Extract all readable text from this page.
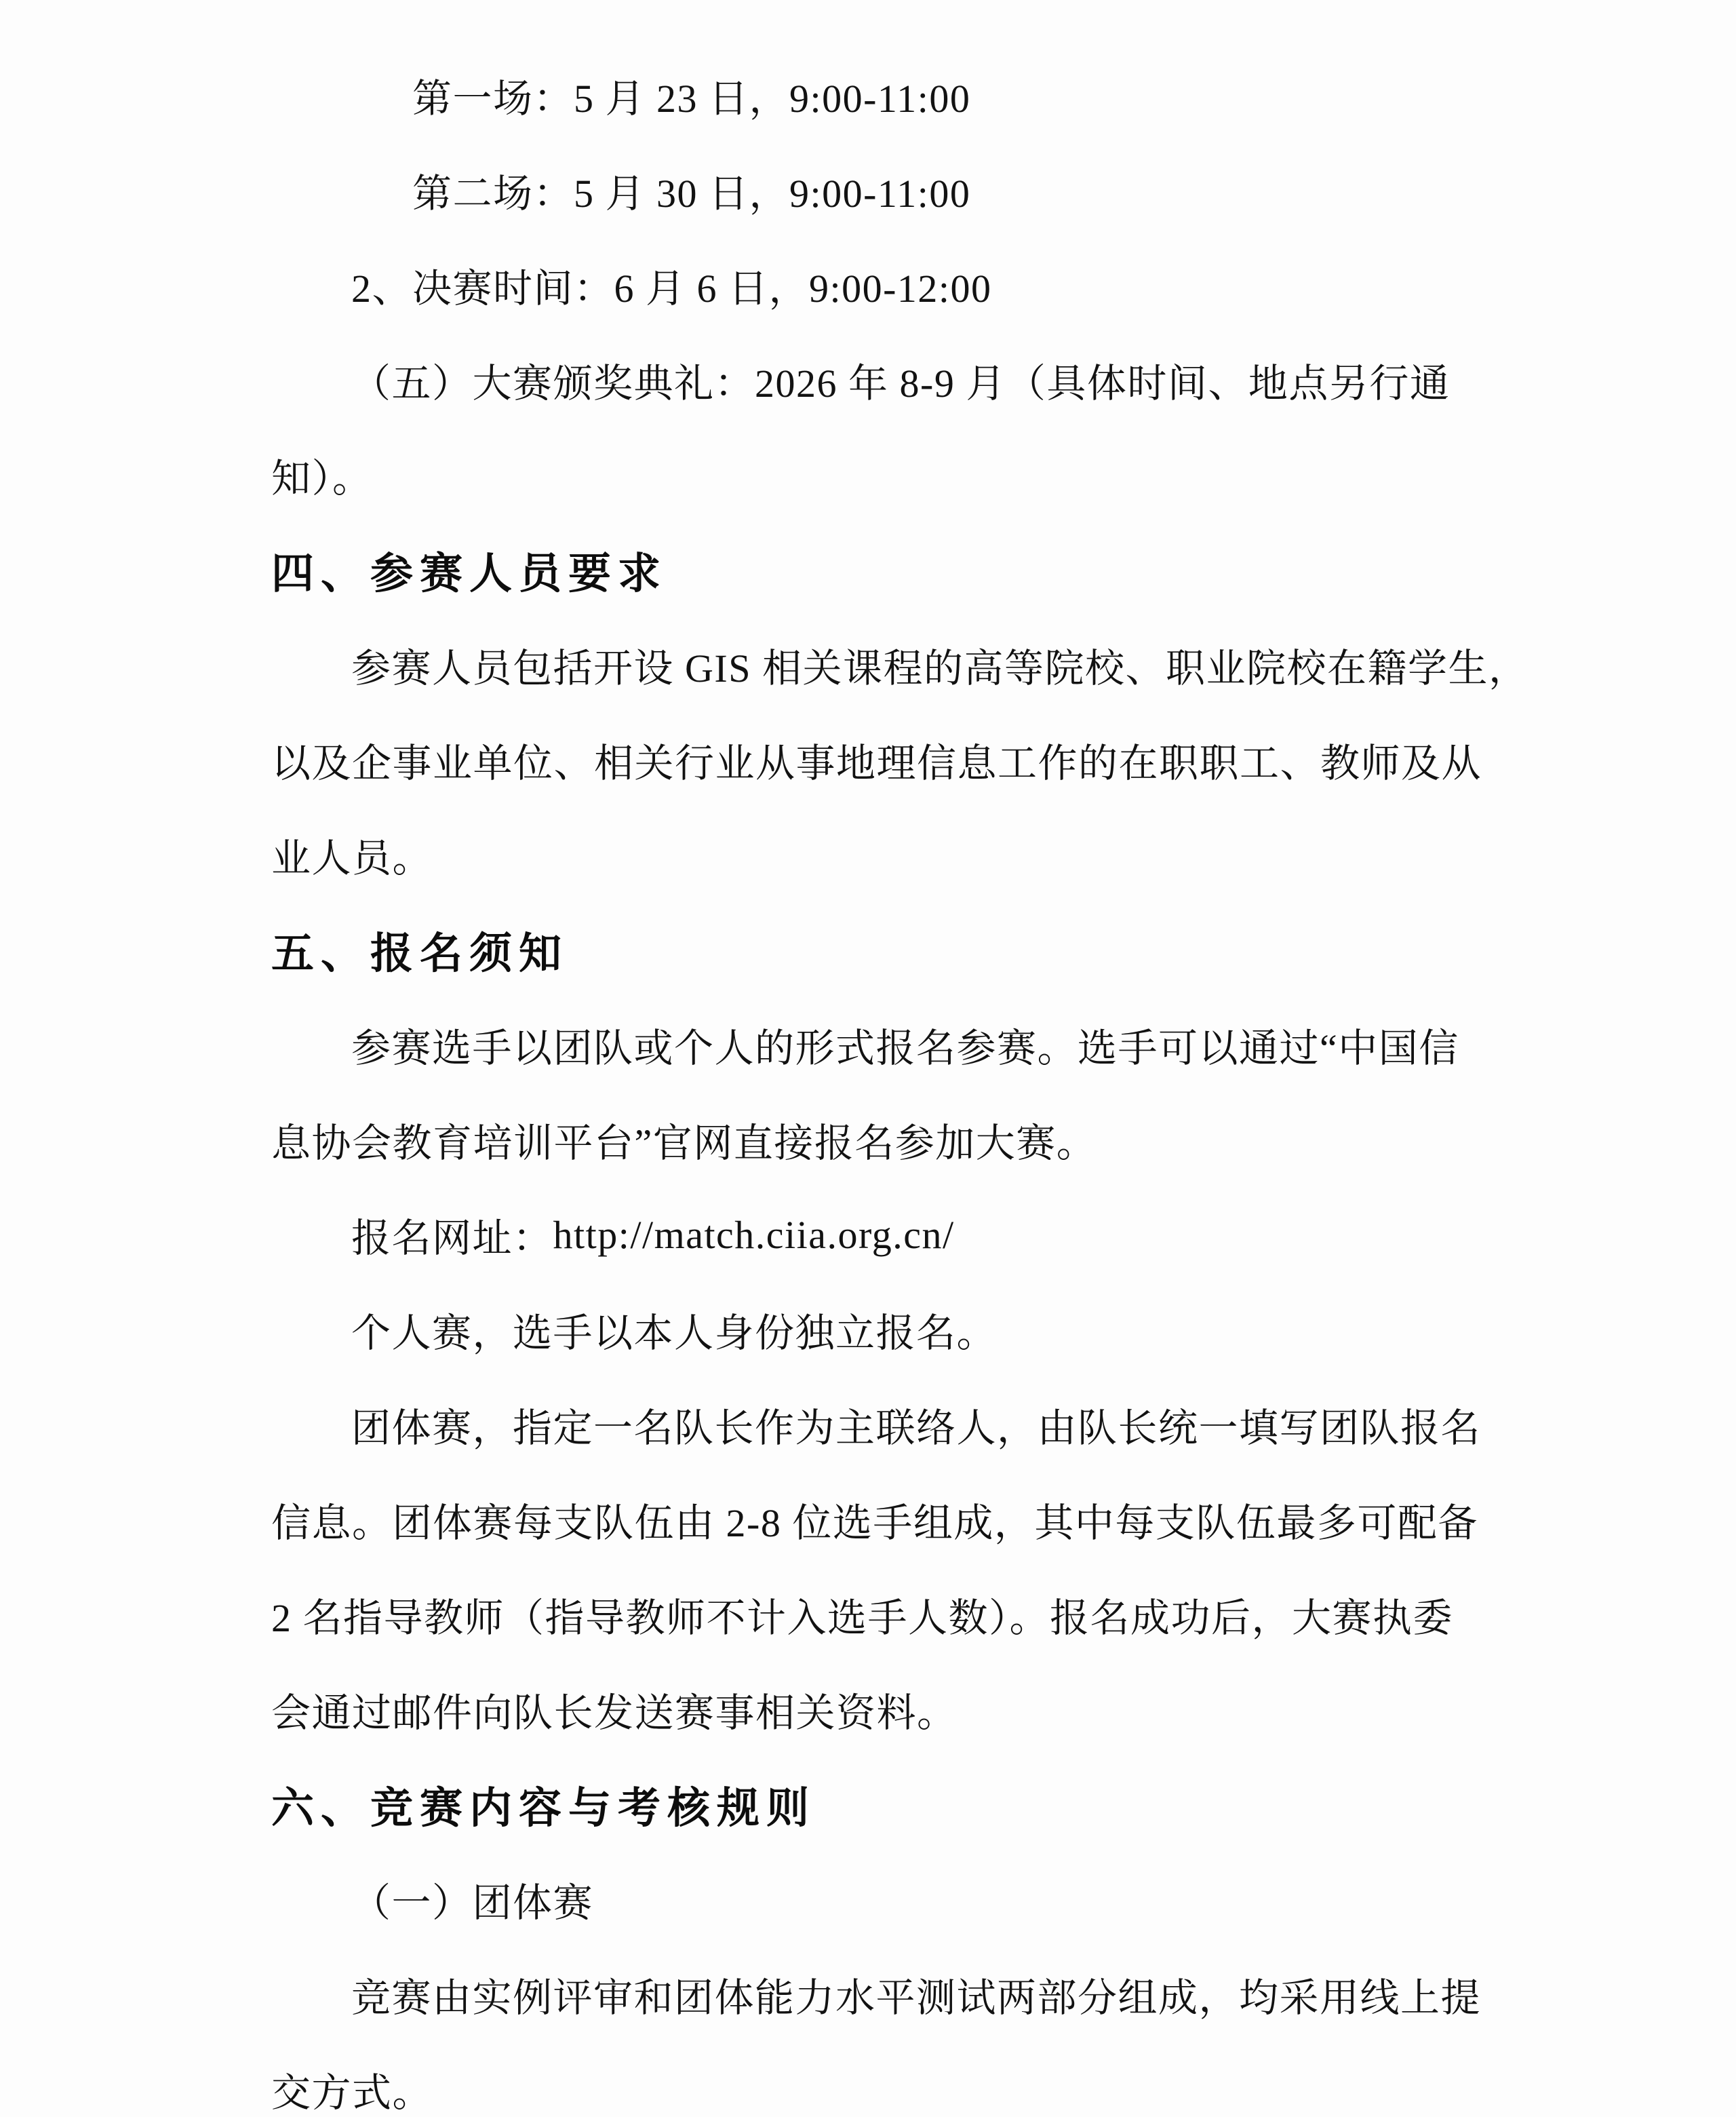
第一场：5 月 23 日，9:00-11:00
第二场：5 月 30 日，9:00-11:00
2、决赛时间：6 月 6 日，9:00-12:00
（五）大赛颁奖典礼：2026 年 8-9 月（具体时间、地点另行通
知）。
四、参赛人员要求
参赛人员包括开设 GIS 相关课程的高等院校、职业院校在籍学生，
以及企事业单位、相关行业从事地理信息工作的在职职工、教师及从
业人员。
五、报名须知
参赛选手以团队或个人的形式报名参赛。选手可以通过“中国信
息协会教育培训平台”官网直接报名参加大赛。
报名网址： http://match.ciia.org.cn/
个人赛，选手以本人身份独立报名。
团体赛，指定一名队长作为主联络人，由队长统一填写团队报名
信息。团体赛每支队伍由 2-8 位选手组成，其中每支队伍最多可配备
2 名指导教师（指导教师不计入选手人数）。报名成功后，大赛执委
会通过邮件向队长发送赛事相关资料。
六、竞赛内容与考核规则
（一）团体赛
竞赛由实例评审和团体能力水平测试两部分组成，均采用线上提
交方式。
